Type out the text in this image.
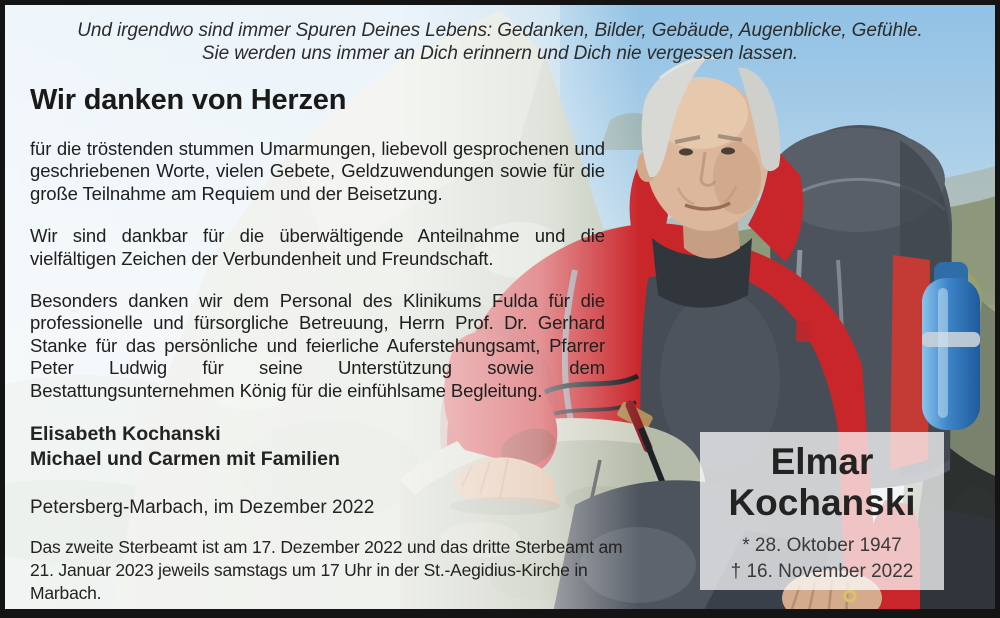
Und irgendwo sind immer Spuren Deines Lebens: Gedanken, Bilder, Gebäude, Augenblicke, Gefühle.
Sie werden uns immer an Dich erinnern und Dich nie vergessen lassen.
Wir danken von Herzen

für die tröstenden stummen Umarmungen, liebevoll gesprochenen und geschriebenen Worte, vielen Gebete, Geldzuwendungen sowie für die große Teilnahme am Requiem und der Beisetzung.

Wir sind dankbar für die überwältigende Anteilnahme und die vielfältigen Zeichen der Verbundenheit und Freundschaft.

Besonders danken wir dem Personal des Klinikums Fulda für die professionelle und fürsorgliche Betreuung, Herrn Prof. Dr. Gerhard Stanke für das persönliche und feierliche Auferstehungsamt, Pfarrer Peter Ludwig für seine Unterstützung sowie dem Bestattungsunternehmen König für die einfühlsame Begleitung.

Elisabeth Kochanski
Michael und Carmen mit Familien
Petersberg-Marbach, im Dezember 2022
Das zweite Sterbeamt ist am 17. Dezember 2022 und das dritte Sterbeamt am 21. Januar 2023 jeweils samstags um 17 Uhr in der St.-Aegidius-Kirche in Marbach.
Elmar
Kochanski
* 28. Oktober 1947
† 16. November 2022
